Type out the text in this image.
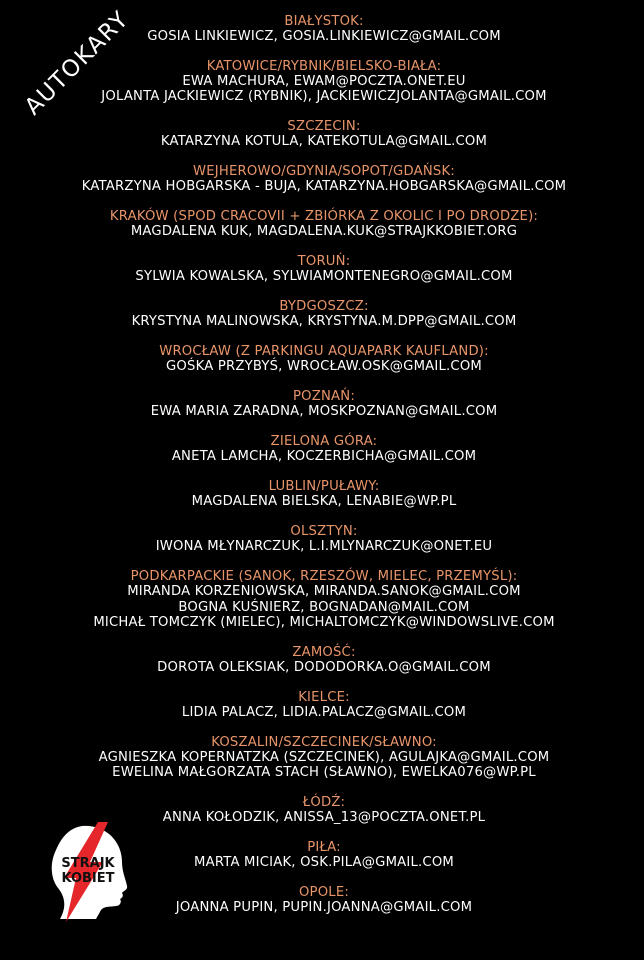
AUTOKARY	BIAŁYSTOK:
GOSIA LINKIEWICZ, GOSIA.LINKIEWICZ@GMAIL.COM
KATOWICE/RYBNIK/BIELSKO-BIAŁA:
EWA MACHURA, EWAM@POCZTA.ONET.EU
JOLANTA JACKIEWICZ (RYBNIK), JACKIEWICZJOLANTA@GMAIL.COM
SZCZECIN:
KATARZYNA KOTULA, KATEKOTULA@GMAIL.COM
WEJHEROWO/GDYNIA/SOPOT/GDAŃSK:
KATARZYNA HOBGARSKA - BUJA, KATARZYNA.HOBGARSKA@GMAIL.COM
KRAKÓW (SPOD CRACOVII + ZBIÓRKA Z OKOLIC I PO DRODZE):
MAGDALENA KUK, MAGDALENA.KUK@STRAJKKOBIET.ORG
TORUŃ:
SYLWIA KOWALSKA, SYLWIAMONTENEGRO@GMAIL.COM
BYDGOSZCZ:
KRYSTYNA MALINOWSKA, KRYSTYNA.M.DPP@GMAIL.COM
WROCŁAW (Z PARKINGU AQUAPARK KAUFLAND):
GOŚKA PRZYBYŚ, WROCŁAW.OSK@GMAIL.COM
POZNAŃ:
EWA MARIA ZARADNA, MOSKPOZNAN@GMAIL.COM
ZIELONA GÓRA:
ANETA LAMCHA, KOCZERBICHA@GMAIL.COM
LUBLIN/PUŁAWY:
MAGDALENA BIELSKA, LENABIE@WP.PL
OLSZTYN:
IWONA MŁYNARCZUK, L.I.MLYNARCZUK@ONET.EU
PODKARPACKIE (SANOK, RZESZÓW, MIELEC, PRZEMYŚL):
MIRANDA KORZENIOWSKA, MIRANDA.SANOK@GMAIL.COM
BOGNA KUŚNIERZ, BOGNADAN@MAIL.COM
MICHAŁ TOMCZYK (MIELEC), MICHALTOMCZYK@WINDOWSLIVE.COM
ZAMOŚĆ:
DOROTA OLEKSIAK, DODODORKA.O@GMAIL.COM
KIELCE:
LIDIA PALACZ, LIDIA.PALACZ@GMAIL.COM
KOSZALIN/SZCZECINEK/SŁAWNO:
AGNIESZKA KOPERNATZKA (SZCZECINEK), AGULAJKA@GMAIL.COM
EWELINA MAŁGORZATA STACH (SŁAWNO), EWELKA076@WP.PL
ŁÓDŹ:
ANNA KOŁODZIK, ANISSA_13@POCZTA.ONET.PL
PIŁA:
MARTA MICIAK, OSK.PILA@GMAIL.COM
OPOLE:
JOANNA PUPIN, PUPIN.JOANNA@GMAIL.COM
STRAJK
KOBIET
